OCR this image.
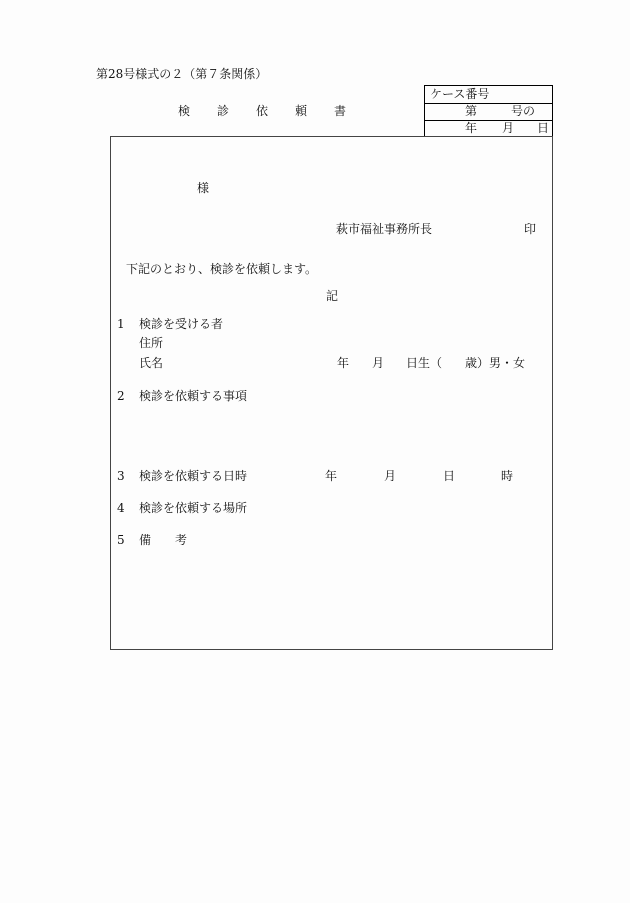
第28号様式の２（第７条関係）
検診依頼書
ケース番号
第	号の
年 月 日
様
萩市福祉事務所長	印
下記のとおり、検診を依頼します。
記
1 検診を受ける者
住所
氏名	年 月 日生（ 歳）男・女
2 検診を依頼する事項
3 検診を依頼する日時	年	月	日	時
4 検診を依頼する場所
5 備　　考
